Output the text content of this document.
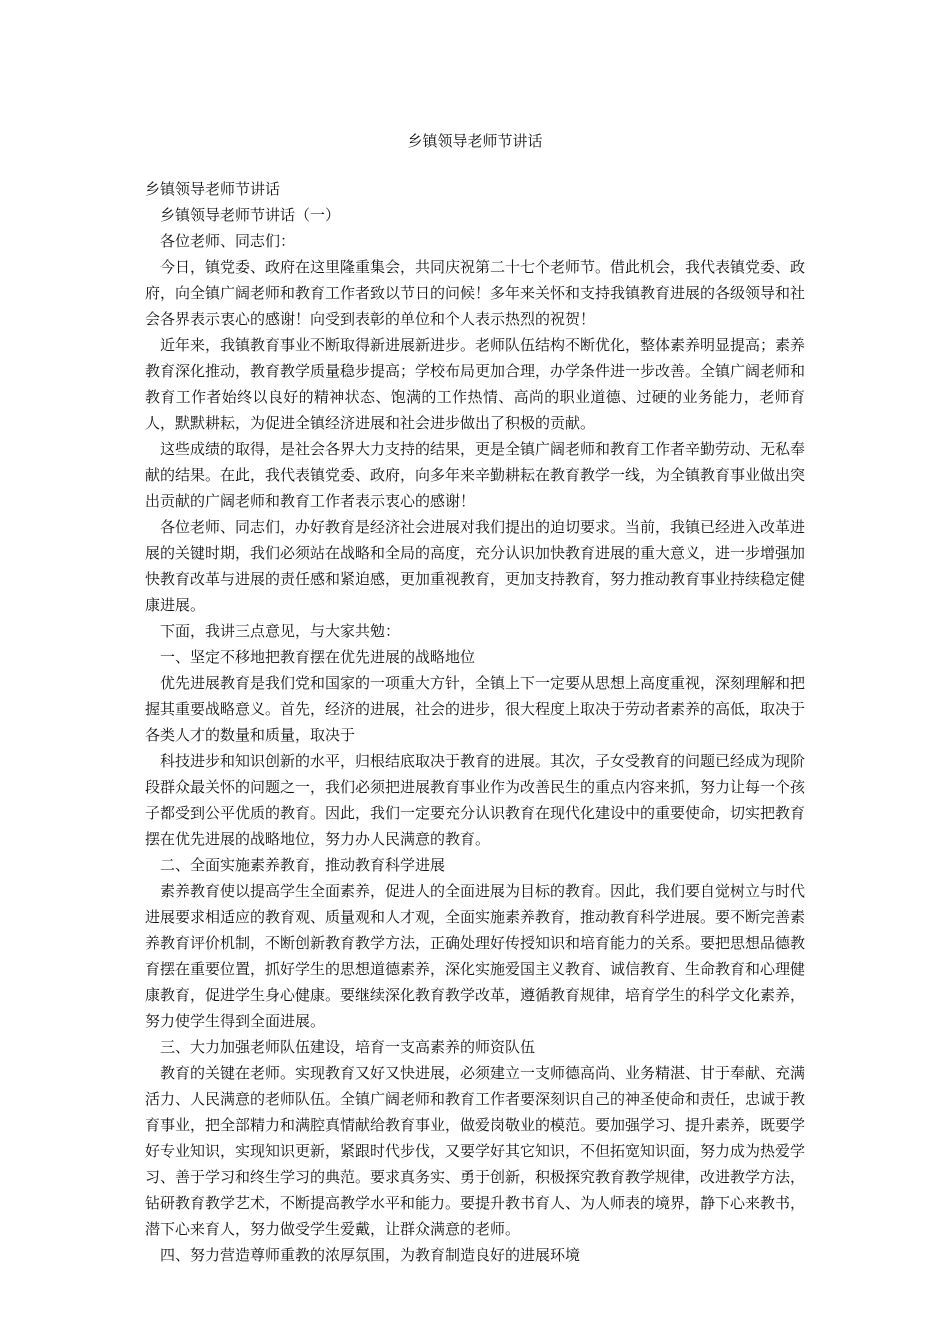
乡镇领导老师节讲话

乡镇领导老师节讲话

乡镇领导老师节讲话（一）

各位老师、同志们：

今日，镇党委、政府在这里隆重集会，共同庆祝第二十七个老师节。借此机会，我代表镇党委、政府，向全镇广阔老师和教育工作者致以节日的问候！多年来关怀和支持我镇教育进展的各级领导和社会各界表示衷心的感谢！向受到表彰的单位和个人表示热烈的祝贺！

近年来，我镇教育事业不断取得新进展新进步。老师队伍结构不断优化，整体素养明显提高；素养教育深化推动，教育教学质量稳步提高；学校布局更加合理，办学条件进一步改善。全镇广阔老师和教育工作者始终以良好的精神状态、饱满的工作热情、高尚的职业道德、过硬的业务能力，老师育人，默默耕耘，为促进全镇经济进展和社会进步做出了积极的贡献。

这些成绩的取得，是社会各界大力支持的结果，更是全镇广阔老师和教育工作者辛勤劳动、无私奉献的结果。在此，我代表镇党委、政府，向多年来辛勤耕耘在教育教学一线，为全镇教育事业做出突出贡献的广阔老师和教育工作者表示衷心的感谢！

各位老师、同志们，办好教育是经济社会进展对我们提出的迫切要求。当前，我镇已经进入改革进展的关键时期，我们必须站在战略和全局的高度，充分认识加快教育进展的重大意义，进一步增强加快教育改革与进展的责任感和紧迫感，更加重视教育，更加支持教育，努力推动教育事业持续稳定健康进展。

下面，我讲三点意见，与大家共勉：

一、坚定不移地把教育摆在优先进展的战略地位

优先进展教育是我们党和国家的一项重大方针，全镇上下一定要从思想上高度重视，深刻理解和把握其重要战略意义。首先，经济的进展，社会的进步，很大程度上取决于劳动者素养的高低，取决于各类人才的数量和质量，取决于

科技进步和知识创新的水平，归根结底取决于教育的进展。其次，子女受教育的问题已经成为现阶段群众最关怀的问题之一，我们必须把进展教育事业作为改善民生的重点内容来抓，努力让每一个孩子都受到公平优质的教育。因此，我们一定要充分认识教育在现代化建设中的重要使命，切实把教育摆在优先进展的战略地位，努力办人民满意的教育。

二、全面实施素养教育，推动教育科学进展

素养教育使以提高学生全面素养，促进人的全面进展为目标的教育。因此，我们要自觉树立与时代进展要求相适应的教育观、质量观和人才观，全面实施素养教育，推动教育科学进展。要不断完善素养教育评价机制，不断创新教育教学方法，正确处理好传授知识和培育能力的关系。要把思想品德教育摆在重要位置，抓好学生的思想道德素养，深化实施爱国主义教育、诚信教育、生命教育和心理健康教育，促进学生身心健康。要继续深化教育教学改革，遵循教育规律，培育学生的科学文化素养，努力使学生得到全面进展。

三、大力加强老师队伍建设，培育一支高素养的师资队伍

教育的关键在老师。实现教育又好又快进展，必须建立一支师德高尚、业务精湛、甘于奉献、充满活力、人民满意的老师队伍。全镇广阔老师和教育工作者要深刻识自己的神圣使命和责任，忠诚于教育事业，把全部精力和满腔真情献给教育事业，做爱岗敬业的模范。要加强学习、提升素养，既要学好专业知识，实现知识更新，紧跟时代步伐，又要学好其它知识，不但拓宽知识面，努力成为热爱学习、善于学习和终生学习的典范。要求真务实、勇于创新，积极探究教育教学规律，改进教学方法，钻研教育教学艺术，不断提高教学水平和能力。要提升教书育人、为人师表的境界，静下心来教书，潜下心来育人，努力做受学生爱戴，让群众满意的老师。

四、努力营造尊师重教的浓厚氛围，为教育制造良好的进展环境
